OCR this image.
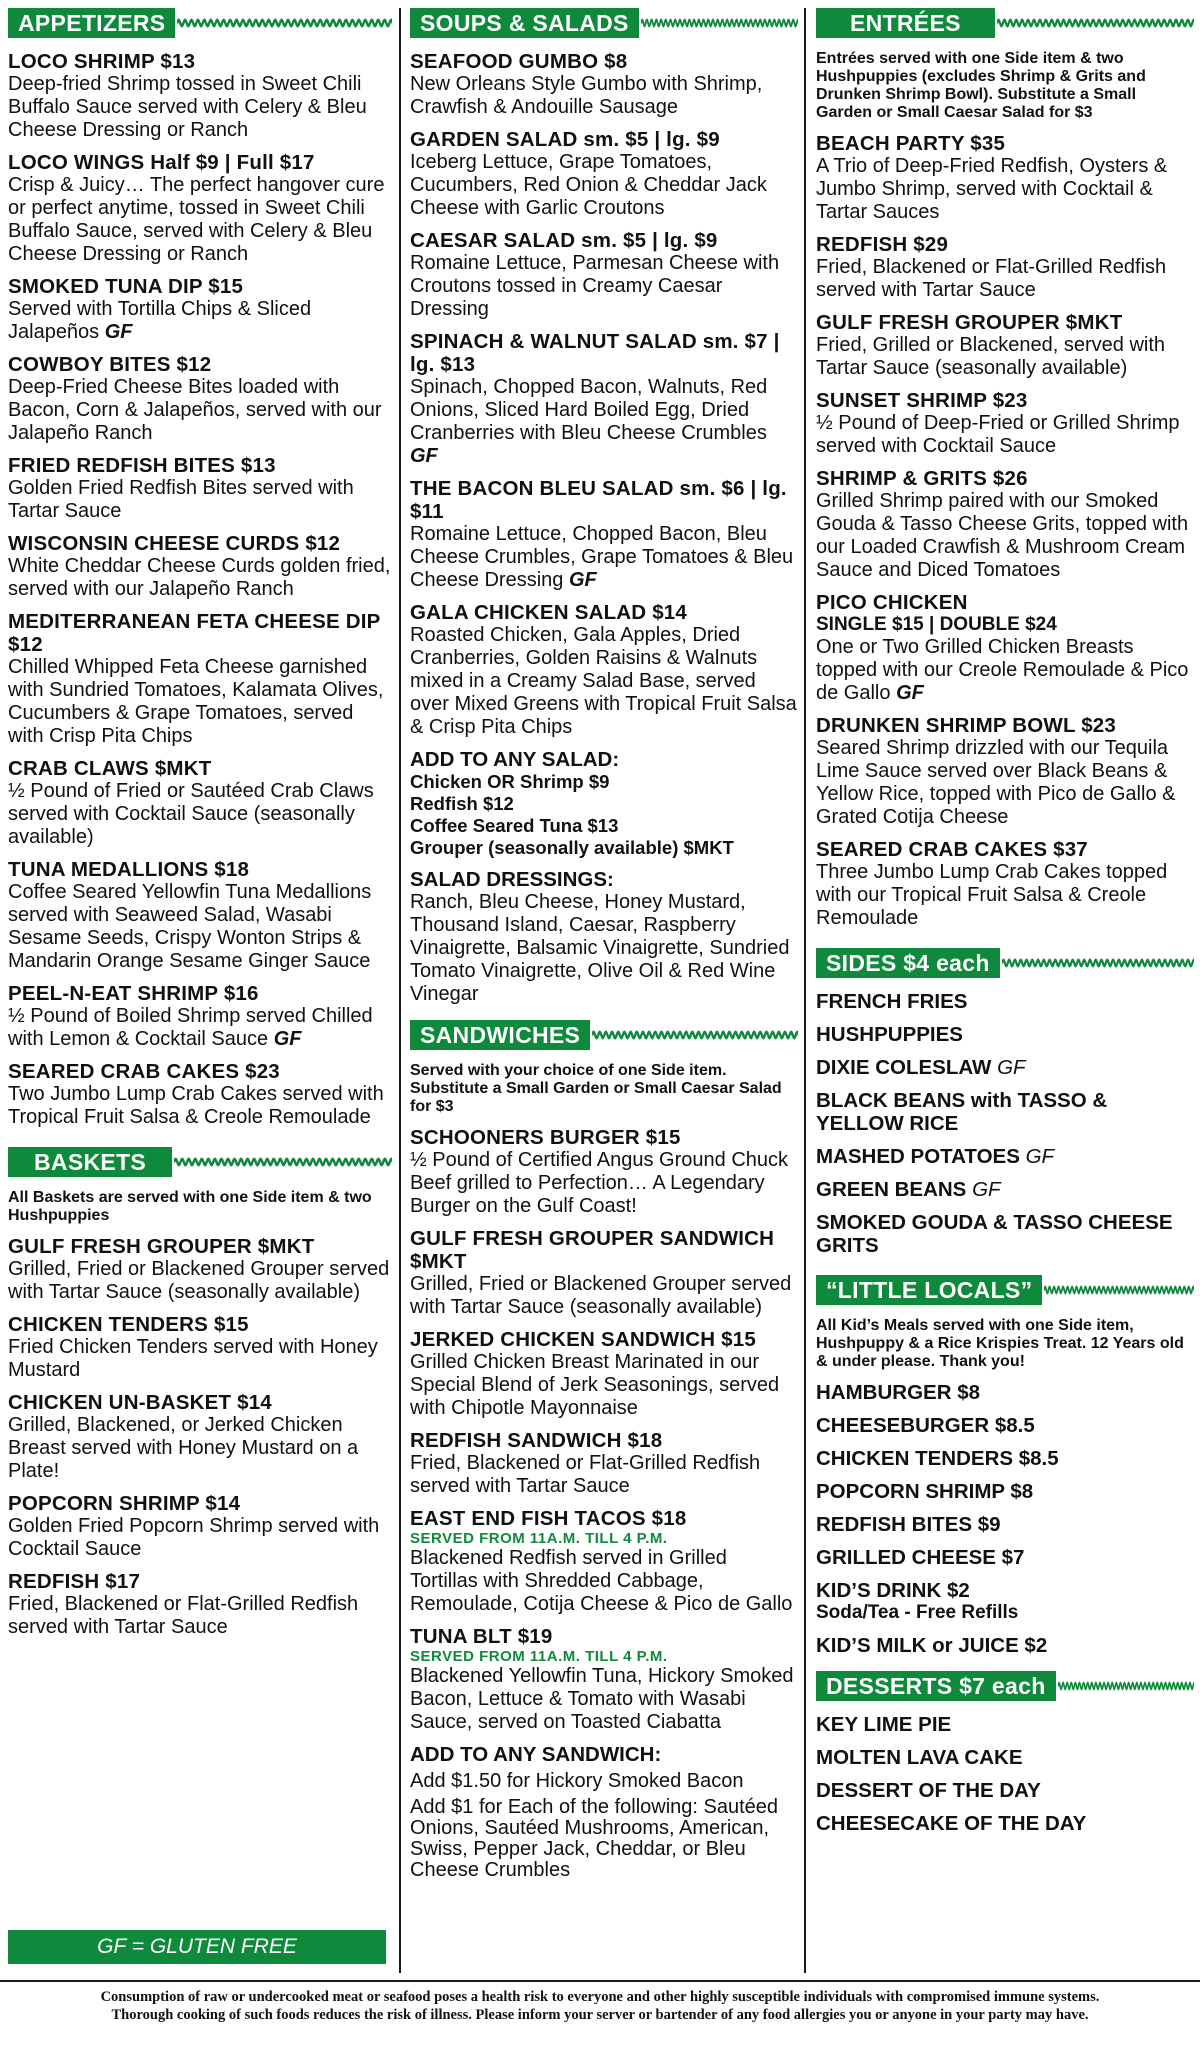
APPETIZERS
LOCO SHRIMP $13
Deep-fried Shrimp tossed in Sweet Chili Buffalo Sauce served with Celery & Bleu Cheese Dressing or Ranch
LOCO WINGS Half $9 | Full $17
Crisp & Juicy… The perfect hangover cure or perfect anytime, tossed in Sweet Chili Buffalo Sauce, served with Celery & Bleu Cheese Dressing or Ranch
SMOKED TUNA DIP $15
Served with Tortilla Chips & Sliced Jalapeños GF
COWBOY BITES $12
Deep-Fried Cheese Bites loaded with Bacon, Corn & Jalapeños, served with our Jalapeño Ranch
FRIED REDFISH BITES $13
Golden Fried Redfish Bites served with Tartar Sauce
WISCONSIN CHEESE CURDS $12
White Cheddar Cheese Curds golden fried, served with our Jalapeño Ranch
MEDITERRANEAN FETA CHEESE DIP $12
Chilled Whipped Feta Cheese garnished with Sundried Tomatoes, Kalamata Olives, Cucumbers & Grape Tomatoes, served with Crisp Pita Chips
CRAB CLAWS $MKT
½ Pound of Fried or Sautéed Crab Claws served with Cocktail Sauce (seasonally available)
TUNA MEDALLIONS $18
Coffee Seared Yellowfin Tuna Medallions served with Seaweed Salad, Wasabi Sesame Seeds, Crispy Wonton Strips & Mandarin Orange Sesame Ginger Sauce
PEEL-N-EAT SHRIMP $16
½ Pound of Boiled Shrimp served Chilled with Lemon & Cocktail Sauce GF
SEARED CRAB CAKES $23
Two Jumbo Lump Crab Cakes served with Tropical Fruit Salsa & Creole Remoulade
BASKETS
All Baskets are served with one Side item & two Hushpuppies
GULF FRESH GROUPER $MKT
Grilled, Fried or Blackened Grouper served with Tartar Sauce (seasonally available)
CHICKEN TENDERS $15
Fried Chicken Tenders served with Honey Mustard
CHICKEN UN-BASKET $14
Grilled, Blackened, or Jerked Chicken Breast served with Honey Mustard on a Plate!
POPCORN SHRIMP $14
Golden Fried Popcorn Shrimp served with Cocktail Sauce
REDFISH $17
Fried, Blackened or Flat-Grilled Redfish served with Tartar Sauce
GF = GLUTEN FREE
SOUPS & SALADS
SEAFOOD GUMBO $8
New Orleans Style Gumbo with Shrimp, Crawfish & Andouille Sausage
GARDEN SALAD sm. $5 | lg. $9
Iceberg Lettuce, Grape Tomatoes, Cucumbers, Red Onion & Cheddar Jack Cheese with Garlic Croutons
CAESAR SALAD sm. $5 | lg. $9
Romaine Lettuce, Parmesan Cheese with Croutons tossed in Creamy Caesar Dressing
SPINACH & WALNUT SALAD sm. $7 | lg. $13
Spinach, Chopped Bacon, Walnuts, Red Onions, Sliced Hard Boiled Egg, Dried Cranberries with Bleu Cheese Crumbles GF
THE BACON BLEU SALAD sm. $6 | lg. $11
Romaine Lettuce, Chopped Bacon, Bleu Cheese Crumbles, Grape Tomatoes & Bleu Cheese Dressing GF
GALA CHICKEN SALAD $14
Roasted Chicken, Gala Apples, Dried Cranberries, Golden Raisins & Walnuts mixed in a Creamy Salad Base, served over Mixed Greens with Tropical Fruit Salsa & Crisp Pita Chips
ADD TO ANY SALAD:
Chicken OR Shrimp $9
Redfish $12
Coffee Seared Tuna $13
Grouper (seasonally available) $MKT
SALAD DRESSINGS:
Ranch, Bleu Cheese, Honey Mustard, Thousand Island, Caesar, Raspberry Vinaigrette, Balsamic Vinaigrette, Sundried Tomato Vinaigrette, Olive Oil & Red Wine Vinegar
SANDWICHES
Served with your choice of one Side item. Substitute a Small Garden or Small Caesar Salad for $3
SCHOONERS BURGER $15
½ Pound of Certified Angus Ground Chuck Beef grilled to Perfection… A Legendary Burger on the Gulf Coast!
GULF FRESH GROUPER SANDWICH $MKT
Grilled, Fried or Blackened Grouper served with Tartar Sauce (seasonally available)
JERKED CHICKEN SANDWICH $15
Grilled Chicken Breast Marinated in our Special Blend of Jerk Seasonings, served with Chipotle Mayonnaise
REDFISH SANDWICH $18
Fried, Blackened or Flat-Grilled Redfish served with Tartar Sauce
EAST END FISH TACOS $18
SERVED FROM 11A.M. TILL 4 P.M.
Blackened Redfish served in Grilled Tortillas with Shredded Cabbage, Remoulade, Cotija Cheese & Pico de Gallo
TUNA BLT $19
SERVED FROM 11A.M. TILL 4 P.M.
Blackened Yellowfin Tuna, Hickory Smoked Bacon, Lettuce & Tomato with Wasabi Sauce, served on Toasted Ciabatta
ADD TO ANY SANDWICH:
Add $1.50 for Hickory Smoked Bacon
Add $1 for Each of the following: Sautéed Onions, Sautéed Mushrooms, American, Swiss, Pepper Jack, Cheddar, or Bleu Cheese Crumbles
ENTRÉES
Entrées served with one Side item & two Hushpuppies (excludes Shrimp & Grits and Drunken Shrimp Bowl). Substitute a Small Garden or Small Caesar Salad for $3
BEACH PARTY $35
A Trio of Deep-Fried Redfish, Oysters & Jumbo Shrimp, served with Cocktail & Tartar Sauces
REDFISH $29
Fried, Blackened or Flat-Grilled Redfish served with Tartar Sauce
GULF FRESH GROUPER $MKT
Fried, Grilled or Blackened, served with Tartar Sauce (seasonally available)
SUNSET SHRIMP $23
½ Pound of Deep-Fried or Grilled Shrimp served with Cocktail Sauce
SHRIMP & GRITS $26
Grilled Shrimp paired with our Smoked Gouda & Tasso Cheese Grits, topped with our Loaded Crawfish & Mushroom Cream Sauce and Diced Tomatoes
PICO CHICKEN
SINGLE $15 | DOUBLE $24
One or Two Grilled Chicken Breasts topped with our Creole Remoulade & Pico de Gallo GF
DRUNKEN SHRIMP BOWL $23
Seared Shrimp drizzled with our Tequila Lime Sauce served over Black Beans & Yellow Rice, topped with Pico de Gallo & Grated Cotija Cheese
SEARED CRAB CAKES $37
Three Jumbo Lump Crab Cakes topped with our Tropical Fruit Salsa & Creole Remoulade
SIDES $4 each
FRENCH FRIES
HUSHPUPPIES
DIXIE COLESLAW GF
BLACK BEANS with TASSO & YELLOW RICE
MASHED POTATOES GF
GREEN BEANS GF
SMOKED GOUDA & TASSO CHEESE GRITS
“LITTLE LOCALS”
All Kid’s Meals served with one Side item, Hushpuppy & a Rice Krispies Treat. 12 Years old & under please. Thank you!
HAMBURGER $8
CHEESEBURGER $8.5
CHICKEN TENDERS $8.5
POPCORN SHRIMP $8
REDFISH BITES $9
GRILLED CHEESE $7
KID’S DRINK $2
Soda/Tea - Free Refills
KID’S MILK or JUICE $2
DESSERTS $7 each
KEY LIME PIE
MOLTEN LAVA CAKE
DESSERT OF THE DAY
CHEESECAKE OF THE DAY
Consumption of raw or undercooked meat or seafood poses a health risk to everyone and other highly susceptible individuals with compromised immune systems.
Thorough cooking of such foods reduces the risk of illness. Please inform your server or bartender of any food allergies you or anyone in your party may have.
